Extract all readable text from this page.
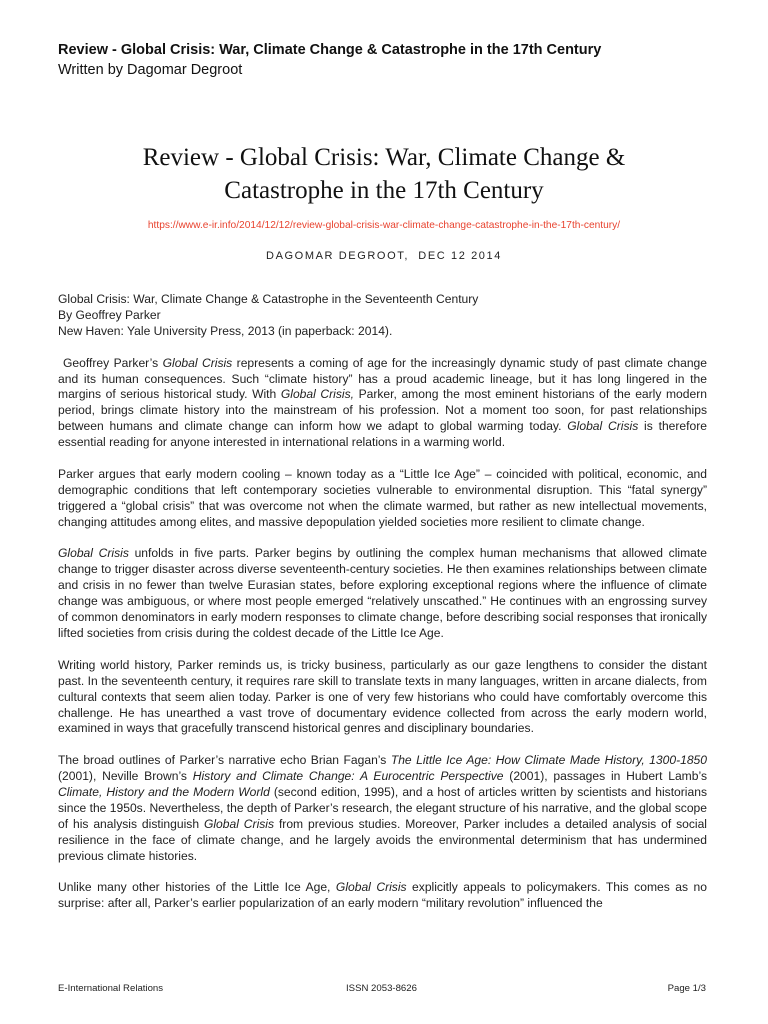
Review - Global Crisis: War, Climate Change & Catastrophe in the 17th Century
Written by Dagomar Degroot
Review - Global Crisis: War, Climate Change &
Catastrophe in the 17th Century
https://www.e-ir.info/2014/12/12/review-global-crisis-war-climate-change-catastrophe-in-the-17th-century/
DAGOMAR DEGROOT,  DEC 12 2014

Global Crisis: War, Climate Change & Catastrophe in the Seventeenth Century
By Geoffrey Parker
New Haven: Yale University Press, 2013 (in paperback: 2014).

Geoffrey Parker’s Global Crisis represents a coming of age for the increasingly dynamic study of past climate change and its human consequences. Such “climate history” has a proud academic lineage, but it has long lingered in the margins of serious historical study. With Global Crisis, Parker, among the most eminent historians of the early modern period, brings climate history into the mainstream of his profession. Not a moment too soon, for past relationships between humans and climate change can inform how we adapt to global warming today. Global Crisis is therefore essential reading for anyone interested in international relations in a warming world.

Parker argues that early modern cooling – known today as a “Little Ice Age” – coincided with political, economic, and demographic conditions that left contemporary societies vulnerable to environmental disruption. This “fatal synergy” triggered a “global crisis” that was overcome not when the climate warmed, but rather as new intellectual movements, changing attitudes among elites, and massive depopulation yielded societies more resilient to climate change.

Global Crisis unfolds in five parts. Parker begins by outlining the complex human mechanisms that allowed climate change to trigger disaster across diverse seventeenth-century societies. He then examines relationships between climate and crisis in no fewer than twelve Eurasian states, before exploring exceptional regions where the influence of climate change was ambiguous, or where most people emerged “relatively unscathed.” He continues with an engrossing survey of common denominators in early modern responses to climate change, before describing social responses that ironically lifted societies from crisis during the coldest decade of the Little Ice Age.

Writing world history, Parker reminds us, is tricky business, particularly as our gaze lengthens to consider the distant past. In the seventeenth century, it requires rare skill to translate texts in many languages, written in arcane dialects, from cultural contexts that seem alien today. Parker is one of very few historians who could have comfortably overcome this challenge. He has unearthed a vast trove of documentary evidence collected from across the early modern world, examined in ways that gracefully transcend historical genres and disciplinary boundaries.

The broad outlines of Parker’s narrative echo Brian Fagan’s The Little Ice Age: How Climate Made History, 1300-1850 (2001), Neville Brown’s History and Climate Change: A Eurocentric Perspective (2001), passages in Hubert Lamb’s Climate, History and the Modern World (second edition, 1995), and a host of articles written by scientists and historians since the 1950s. Nevertheless, the depth of Parker’s research, the elegant structure of his narrative, and the global scope of his analysis distinguish Global Crisis from previous studies. Moreover, Parker includes a detailed analysis of social resilience in the face of climate change, and he largely avoids the environmental determinism that has undermined previous climate histories.

Unlike many other histories of the Little Ice Age, Global Crisis explicitly appeals to policymakers. This comes as no surprise: after all, Parker’s earlier popularization of an early modern “military revolution” influenced the

E-International Relations	ISSN 2053-8626	Page 1/3
